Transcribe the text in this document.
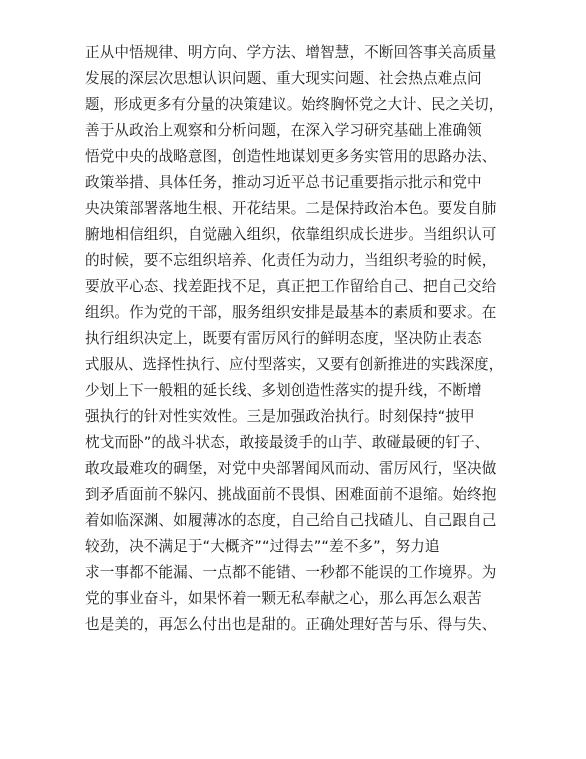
正从中悟规律、明方向、学方法、增智慧，不断回答事关高质量
发展的深层次思想认识问题、重大现实问题、社会热点难点问
题，形成更多有分量的决策建议。始终胸怀党之大计、民之关切，
善于从政治上观察和分析问题，在深入学习研究基础上准确领
悟党中央的战略意图，创造性地谋划更多务实管用的思路办法、
政策举措、具体任务，推动习近平总书记重要指示批示和党中
央决策部署落地生根、开花结果。二是保持政治本色。要发自肺
腑地相信组织，自觉融入组织，依靠组织成长进步。当组织认可
的时候，要不忘组织培养、化责任为动力，当组织考验的时候，
要放平心态、找差距找不足，真正把工作留给自己、把自己交给
组织。作为党的干部，服务组织安排是最基本的素质和要求。在
执行组织决定上，既要有雷厉风行的鲜明态度，坚决防止表态
式服从、选择性执行、应付型落实，又要有创新推进的实践深度，
少划上下一般粗的延长线、多划创造性落实的提升线，不断增
强执行的针对性实效性。三是加强政治执行。时刻保持“披甲
枕戈而卧”的战斗状态，敢接最烫手的山芋、敢碰最硬的钉子、
敢攻最难攻的碉堡，对党中央部署闻风而动、雷厉风行，坚决做
到矛盾面前不躲闪、挑战面前不畏惧、困难面前不退缩。始终抱
着如临深渊、如履薄冰的态度，自己给自己找碴儿、自己跟自己
较劲，决不满足于“大概齐”“过得去”“差不多”，努力追
求一事都不能漏、一点都不能错、一秒都不能误的工作境界。为
党的事业奋斗，如果怀着一颗无私奉献之心，那么再怎么艰苦
也是美的，再怎么付出也是甜的。正确处理好苦与乐、得与失、
